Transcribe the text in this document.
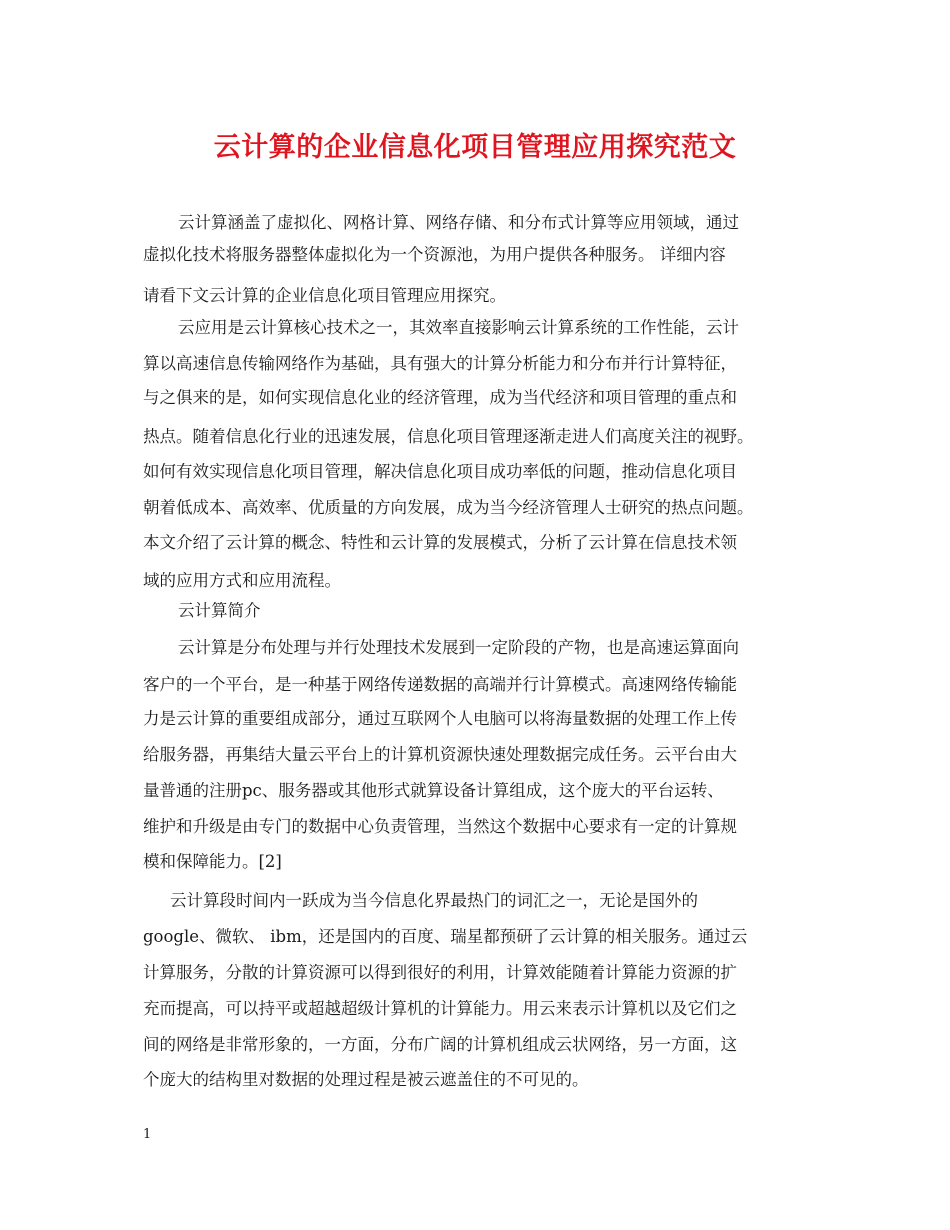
云计算的企业信息化项目管理应用探究范文
云计算涵盖了虚拟化、网格计算、网络存储、和分布式计算等应用领域，通过
虚拟化技术将服务器整体虚拟化为一个资源池，为用户提供各种服务。 详细内容
请看下文云计算的企业信息化项目管理应用探究。
云应用是云计算核心技术之一，其效率直接影响云计算系统的工作性能，云计
算以高速信息传输网络作为基础，具有强大的计算分析能力和分布并行计算特征，
与之俱来的是，如何实现信息化业的经济管理，成为当代经济和项目管理的重点和
热点。随着信息化行业的迅速发展，信息化项目管理逐渐走进人们高度关注的视野。
如何有效实现信息化项目管理，解决信息化项目成功率低的问题，推动信息化项目
朝着低成本、高效率、优质量的方向发展，成为当今经济管理人士研究的热点问题。
本文介绍了云计算的概念、特性和云计算的发展模式，分析了云计算在信息技术领
域的应用方式和应用流程。
云计算简介
云计算是分布处理与并行处理技术发展到一定阶段的产物，也是高速运算面向
客户的一个平台，是一种基于网络传递数据的高端并行计算模式。高速网络传输能
力是云计算的重要组成部分，通过互联网个人电脑可以将海量数据的处理工作上传
给服务器，再集结大量云平台上的计算机资源快速处理数据完成任务。云平台由大
量普通的注册pc、服务器或其他形式就算设备计算组成，这个庞大的平台运转、
维护和升级是由专门的数据中心负责管理，当然这个数据中心要求有一定的计算规
模和保障能力。[2]
云计算段时间内一跃成为当今信息化界最热门的词汇之一，无论是国外的
google、微软、 ibm，还是国内的百度、瑞星都预研了云计算的相关服务。通过云
计算服务，分散的计算资源可以得到很好的利用，计算效能随着计算能力资源的扩
充而提高，可以持平或超越超级计算机的计算能力。用云来表示计算机以及它们之
间的网络是非常形象的，一方面，分布广阔的计算机组成云状网络，另一方面，这
个庞大的结构里对数据的处理过程是被云遮盖住的不可见的。
1
